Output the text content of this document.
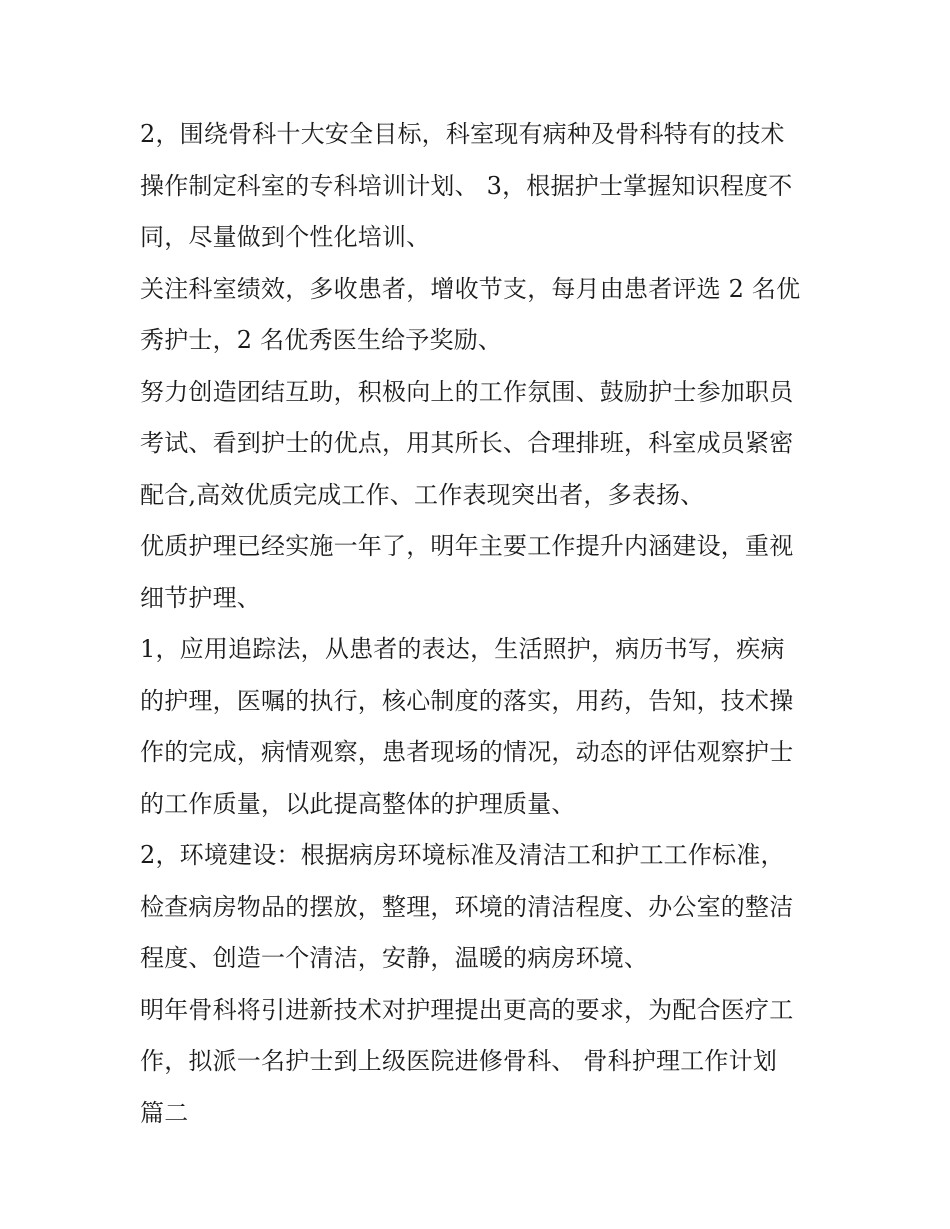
2，围绕骨科十大安全目标，科室现有病种及骨科特有的技术
操作制定科室的专科培训计划、 3，根据护士掌握知识程度不
同，尽量做到个性化培训、
关注科室绩效，多收患者，增收节支，每月由患者评选 2 名优
秀护士，2 名优秀医生给予奖励、
努力创造团结互助，积极向上的工作氛围、鼓励护士参加职员
考试、看到护士的优点，用其所长、合理排班，科室成员紧密
配合,高效优质完成工作、工作表现突出者，多表扬、
优质护理已经实施一年了，明年主要工作提升内涵建设，重视
细节护理、
1，应用追踪法，从患者的表达，生活照护，病历书写，疾病
的护理，医嘱的执行，核心制度的落实，用药，告知，技术操
作的完成，病情观察，患者现场的情况，动态的评估观察护士
的工作质量，以此提高整体的护理质量、
2，环境建设：根据病房环境标准及清洁工和护工工作标准，
检查病房物品的摆放，整理，环境的清洁程度、办公室的整洁
程度、创造一个清洁，安静，温暖的病房环境、
明年骨科将引进新技术对护理提出更高的要求，为配合医疗工
作，拟派一名护士到上级医院进修骨科、 骨科护理工作计划
篇二
